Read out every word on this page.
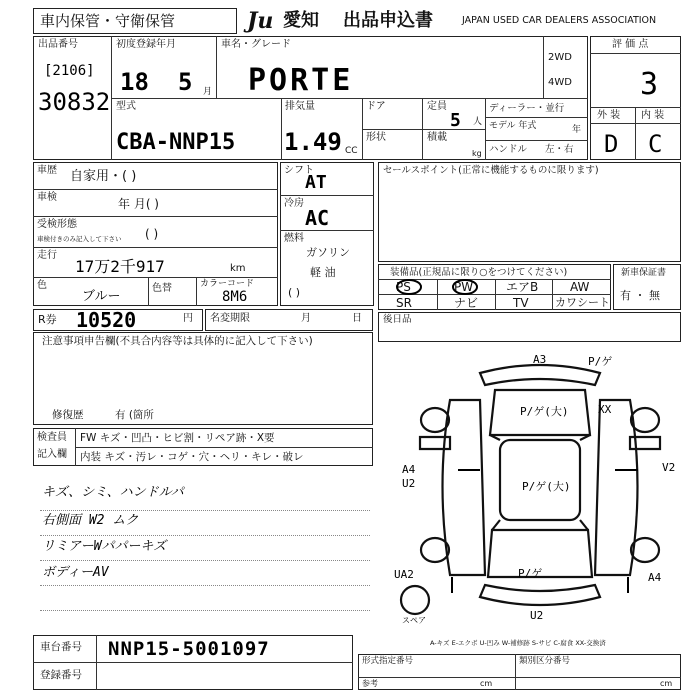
車内保管・守衛保管	Ju 愛知 出品申込書	JAPAN USED CAR DEALERS ASSOCIATION
出品番号
[2106]
30832
初度登録年月
18 5 月
車名・グレード
PORTE
2WD
4WD
型式
CBA-NNP15
排気量
1.49 CC
ドア
形状
定員
5 人
積載
kg
ディーラー・並行
モデル 年式	年
ハンドル 左・右
評 価 点
3
外 装 内 装
D C
車歴 自家用・( )
車検	年 月( )
受検形態
車検付きのみ記入して下さい ( )
走行
17万2千917	km
色
ブルー
色替	カラーコード
8M6
シフト
AT
冷房
AC
燃料
ガソリン
軽 油
( )
セールスポイント(正常に機能するものに限ります)
装備品(正規品に限り○をつけてください)
PS	PW	エアB	AW
SR	ナビ	TV カワシート
新車保証書
有 ・ 無
R券 10520	円 名変期限	月	日 後日品
注意事項申告欄(不具合内容等は具体的に記入して下さい)
修復歴	有 (箇所
検査員
記入欄
FW キズ・凹凸・ヒビ割・リペア跡・X要
内装 キズ・汚レ・コゲ・穴・ヘリ・キレ・破レ
キズ、シミ、ハンドルパ
右側面 W2 ムク
リミアーWパパーキズ
ボディーAV
A3	P/ゲ
P/ゲ(大)	XX
A4
U2
V2
P/ゲ(大)
P/ゲ
UA2	A4
U2
スペア
A-キズ E-エクボ U-凹み W-補修跡 S-サビ C-腐食 XX-交換済
車台番号 NNP15-5001097
登録番号
形式指定番号	類別区分番号
参考	cm	cm
